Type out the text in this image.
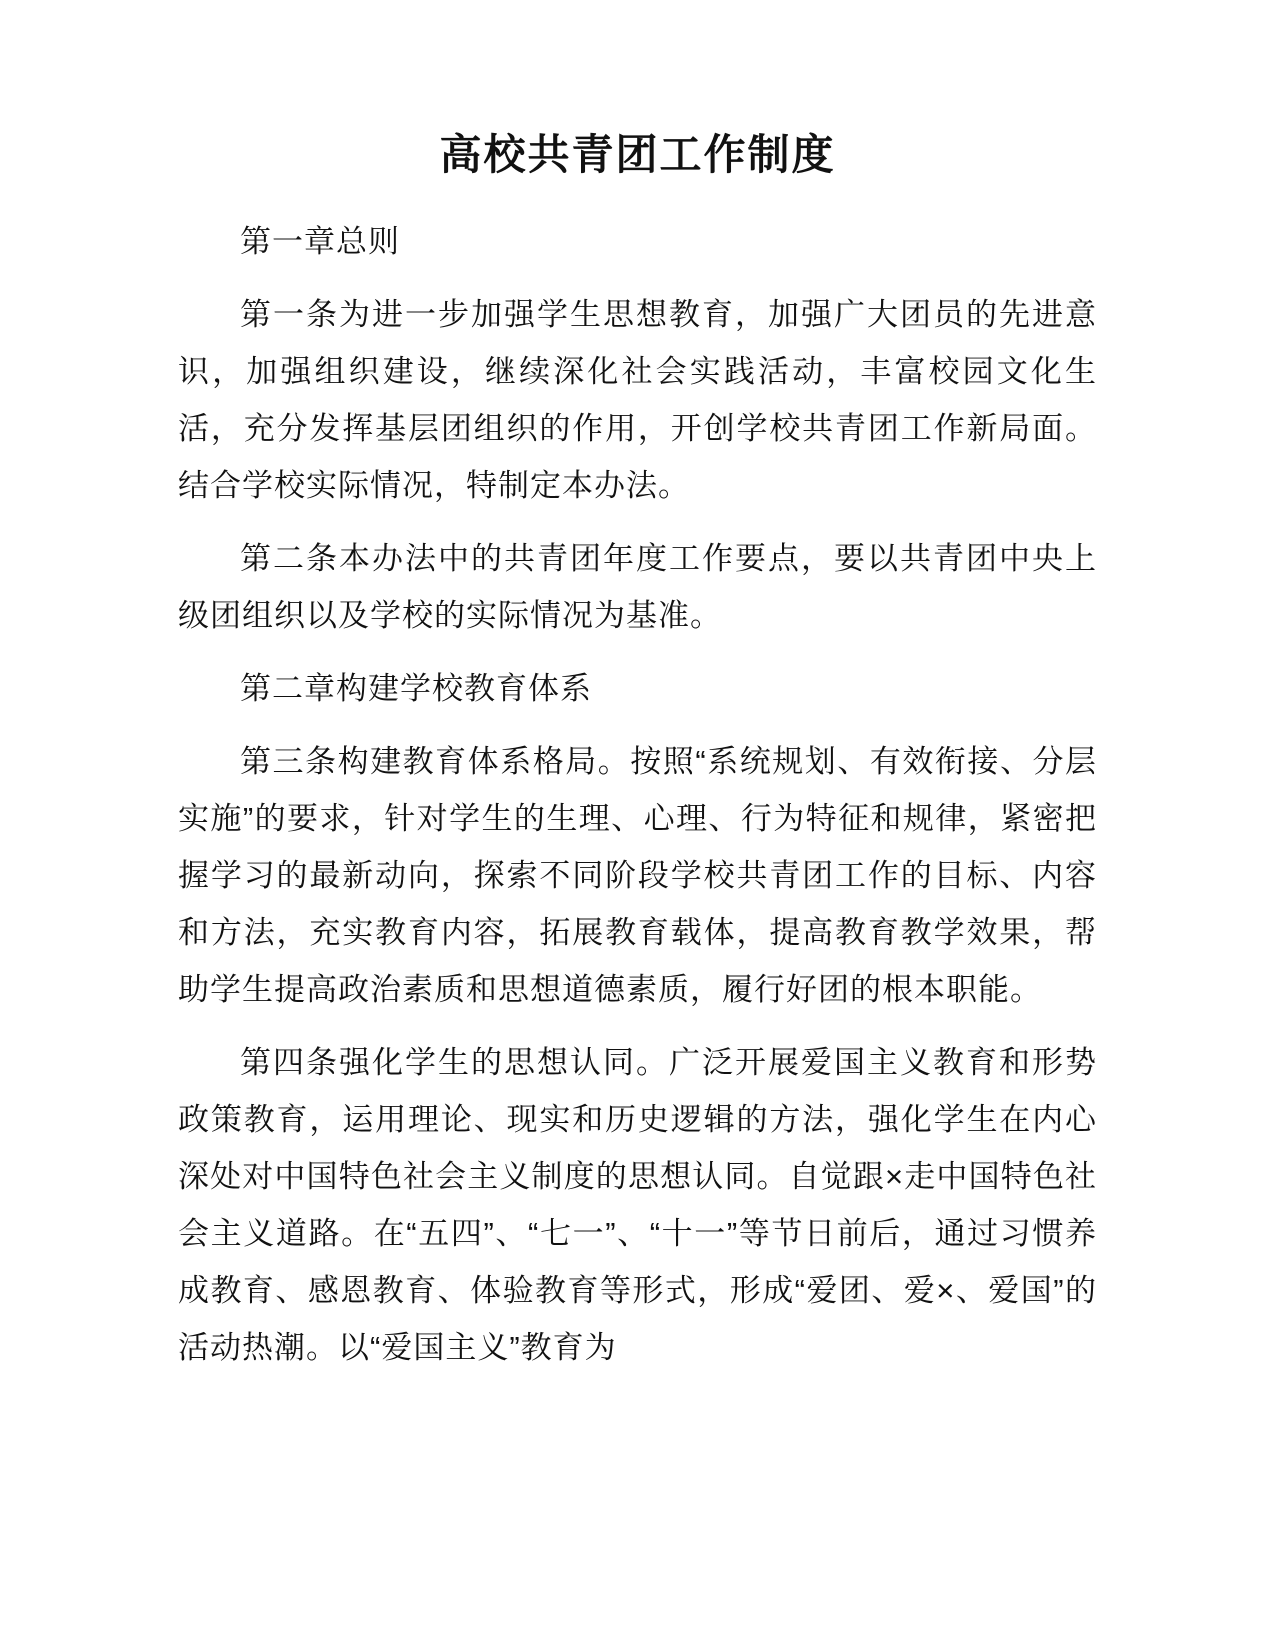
高校共青团工作制度

第一章总则

第一条为进一步加强学生思想教育，加强广大团员的先进意识，加强组织建设，继续深化社会实践活动，丰富校园文化生活，充分发挥基层团组织的作用，开创学校共青团工作新局面。结合学校实际情况，特制定本办法。

第二条本办法中的共青团年度工作要点，要以共青团中央上级团组织以及学校的实际情况为基准。

第二章构建学校教育体系

第三条构建教育体系格局。按照“系统规划、有效衔接、分层实施”的要求，针对学生的生理、心理、行为特征和规律，紧密把握学习的最新动向，探索不同阶段学校共青团工作的目标、内容和方法，充实教育内容，拓展教育载体，提高教育教学效果，帮助学生提高政治素质和思想道德素质，履行好团的根本职能。

第四条强化学生的思想认同。广泛开展爱国主义教育和形势政策教育，运用理论、现实和历史逻辑的方法，强化学生在内心深处对中国特色社会主义制度的思想认同。自觉跟×走中国特色社会主义道路。在“五四”、“七一”、“十一”等节日前后，通过习惯养成教育、感恩教育、体验教育等形式，形成“爱团、爱×、爱国”的活动热潮。以“爱国主义”教育为
